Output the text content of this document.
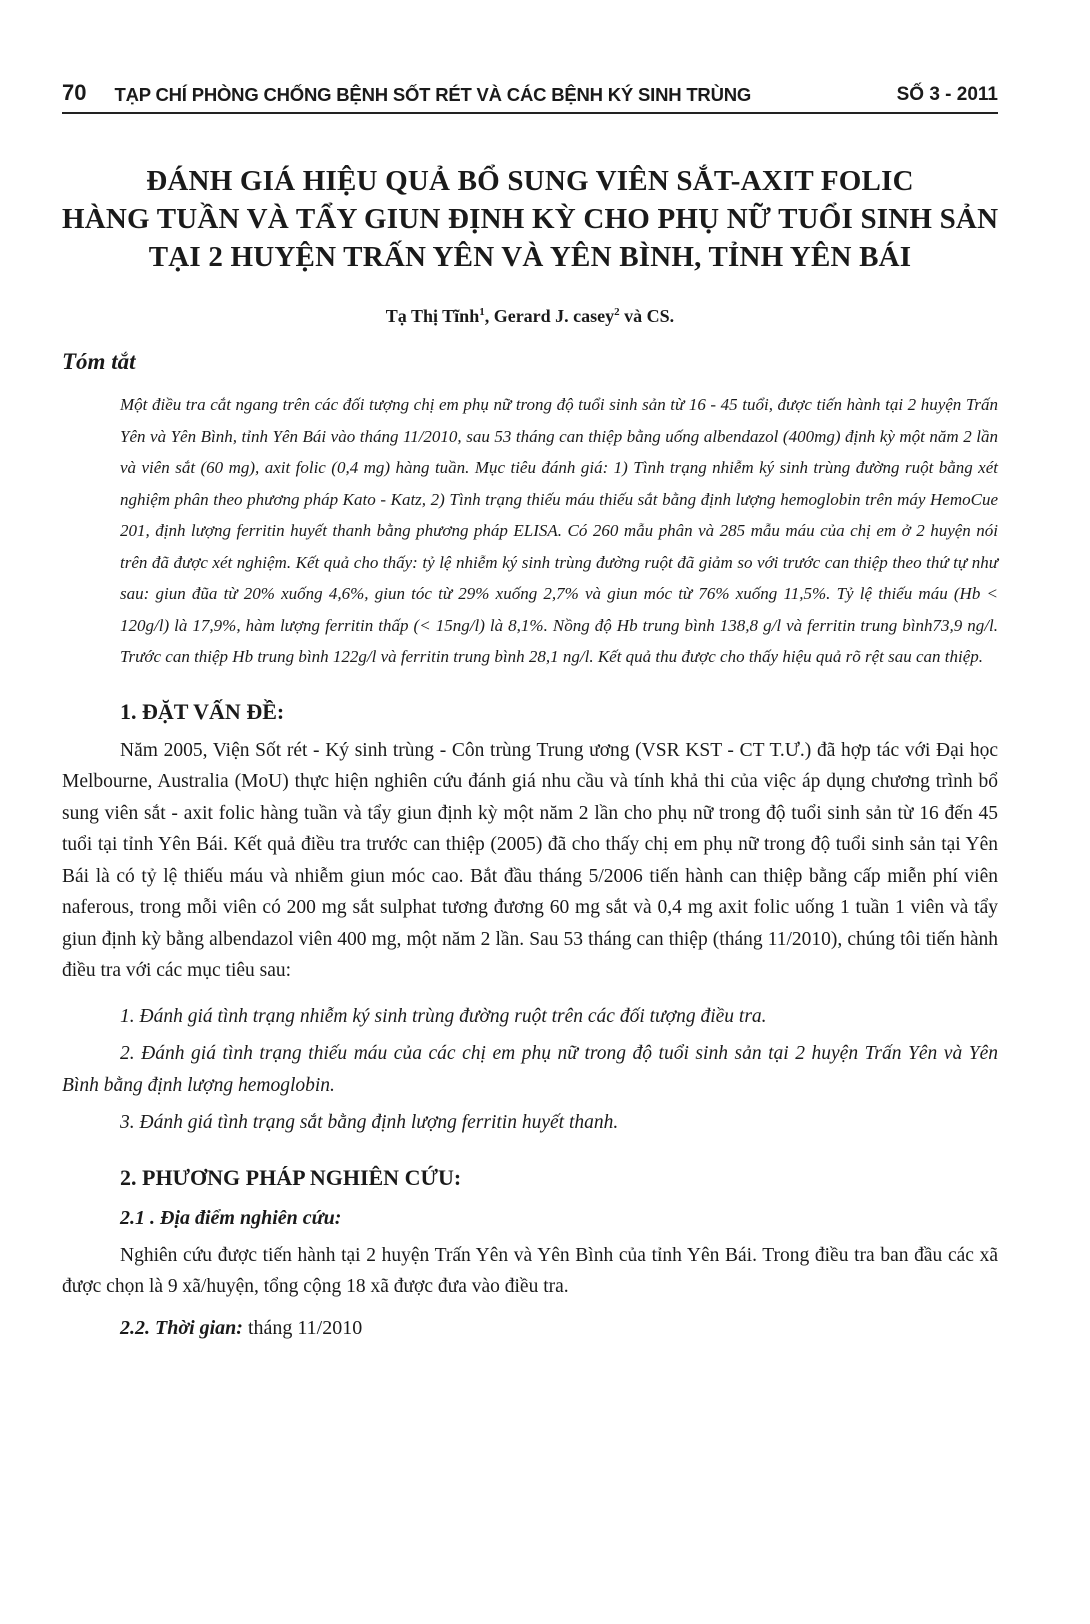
70 TẠP CHÍ PHÒNG CHỐNG BỆNH SỐT RÉT VÀ CÁC BỆNH KÝ SINH TRÙNG	SỐ 3 - 2011
ĐÁNH GIÁ HIỆU QUẢ BỔ SUNG VIÊN SẮT-AXIT FOLIC
HÀNG TUẦN VÀ TẨY GIUN ĐỊNH KỲ CHO PHỤ NỮ TUỔI SINH SẢN
TẠI 2 HUYỆN TRẤN YÊN VÀ YÊN BÌNH, TỈNH YÊN BÁI
Tạ Thị Tĩnh$^1$, Gerard J. casey$^2$ và CS.
Tóm tắt

Một điều tra cắt ngang trên các đối tượng chị em phụ nữ trong độ tuổi sinh sản từ 16 - 45 tuổi, được tiến hành tại 2 huyện Trấn Yên và Yên Bình, tỉnh Yên Bái vào tháng 11/2010, sau 53 tháng can thiệp bằng uống albendazol (400mg) định kỳ một năm 2 lần và viên sắt (60 mg), axit folic (0,4 mg) hàng tuần. Mục tiêu đánh giá: 1) Tình trạng nhiễm ký sinh trùng đường ruột bằng xét nghiệm phân theo phương pháp Kato - Katz, 2) Tình trạng thiếu máu thiếu sắt bằng định lượng hemoglobin trên máy HemoCue 201, định lượng ferritin huyết thanh bằng phương pháp ELISA. Có 260 mẫu phân và 285 mẫu máu của chị em ở 2 huyện nói trên đã được xét nghiệm. Kết quả cho thấy: tỷ lệ nhiễm ký sinh trùng đường ruột đã giảm so với trước can thiệp theo thứ tự như sau: giun đũa từ 20% xuống 4,6%, giun tóc từ 29% xuống 2,7% và giun móc từ 76% xuống 11,5%. Tỷ lệ thiếu máu (Hb < 120g/l) là 17,9%, hàm lượng ferritin thấp (< 15ng/l) là 8,1%. Nồng độ Hb trung bình 138,8 g/l và ferritin trung bình73,9 ng/l. Trước can thiệp Hb trung bình 122g/l và ferritin trung bình 28,1 ng/l. Kết quả thu được cho thấy hiệu quả rõ rệt sau can thiệp.

1. ĐẶT VẤN ĐỀ:

Năm 2005, Viện Sốt rét - Ký sinh trùng - Côn trùng Trung ương (VSR KST - CT T.Ư.) đã hợp tác với Đại học Melbourne, Australia (MoU) thực hiện nghiên cứu đánh giá nhu cầu và tính khả thi của việc áp dụng chương trình bổ sung viên sắt - axit folic hàng tuần và tẩy giun định kỳ một năm 2 lần cho phụ nữ trong độ tuổi sinh sản từ 16 đến 45 tuổi tại tỉnh Yên Bái. Kết quả điều tra trước can thiệp (2005) đã cho thấy chị em phụ nữ trong độ tuổi sinh sản tại Yên Bái là có tỷ lệ thiếu máu và nhiễm giun móc cao. Bắt đầu tháng 5/2006 tiến hành can thiệp bằng cấp miễn phí viên naferous, trong mỗi viên có 200 mg sắt sulphat tương đương 60 mg sắt và 0,4 mg axit folic uống 1 tuần 1 viên và tẩy giun định kỳ bằng albendazol viên 400 mg, một năm 2 lần. Sau 53 tháng can thiệp (tháng 11/2010), chúng tôi tiến hành điều tra với các mục tiêu sau:

1. Đánh giá tình trạng nhiễm ký sinh trùng đường ruột trên các đối tượng điều tra.

2. Đánh giá tình trạng thiếu máu của các chị em phụ nữ trong độ tuổi sinh sản tại 2 huyện Trấn Yên và Yên Bình bằng định lượng hemoglobin.

3. Đánh giá tình trạng sắt bằng định lượng ferritin huyết thanh.

2. PHƯƠNG PHÁP NGHIÊN CỨU:
2.1 . Địa điểm nghiên cứu:

Nghiên cứu được tiến hành tại 2 huyện Trấn Yên và Yên Bình của tỉnh Yên Bái. Trong điều tra ban đầu các xã được chọn là 9 xã/huyện, tổng cộng 18 xã được đưa vào điều tra.

2.2. Thời gian: tháng 11/2010
